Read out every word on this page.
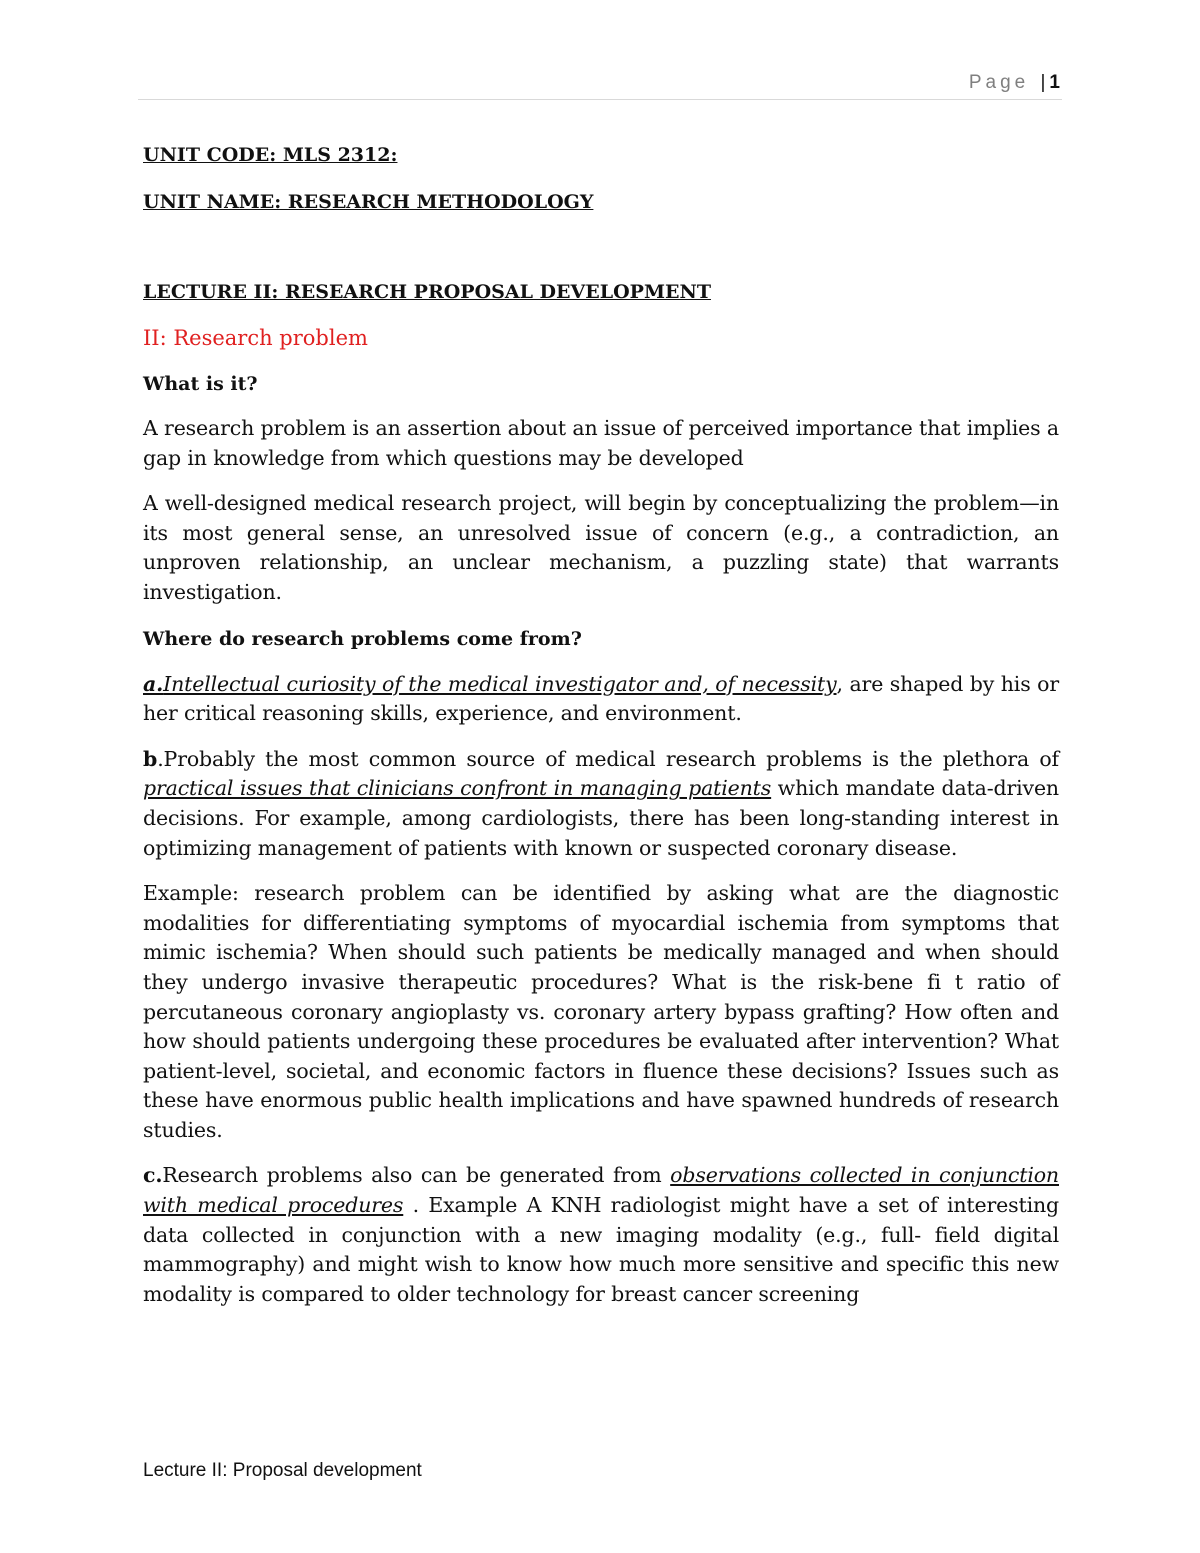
Page | 1

UNIT CODE: MLS 2312:

UNIT NAME: RESEARCH METHODOLOGY

LECTURE II: RESEARCH PROPOSAL DEVELOPMENT

II: Research problem

What is it?

A research problem is an assertion about an issue of perceived importance that implies a gap in knowledge from which questions may be developed

A well-designed medical research project, will begin by conceptualizing the problem—in its most general sense, an unresolved issue of concern (e.g., a contradiction, an unproven relationship, an unclear mechanism, a puzzling state) that warrants investigation.

Where do research problems come from?

a.Intellectual curiosity of the medical investigator and, of necessity, are shaped by his or her critical reasoning skills, experience, and environment.

b.Probably the most common source of medical research problems is the plethora of practical issues that clinicians confront in managing patients which mandate data-driven decisions. For example, among cardiologists, there has been long-standing interest in optimizing management of patients with known or suspected coronary disease.

Example: research problem can be identified by asking what are the diagnostic modalities for differentiating symptoms of myocardial ischemia from symptoms that mimic ischemia? When should such patients be medically managed and when should they undergo invasive therapeutic procedures? What is the risk-bene fi t ratio of percutaneous coronary angioplasty vs. coronary artery bypass grafting? How often and how should patients undergoing these procedures be evaluated after intervention? What patient-level, societal, and economic factors in fluence these decisions? Issues such as these have enormous public health implications and have spawned hundreds of research studies.

c.Research problems also can be generated from observations collected in conjunction with medical procedures . Example A KNH radiologist might have a set of interesting data collected in conjunction with a new imaging modality (e.g., full- field digital mammography) and might wish to know how much more sensitive and specific this new modality is compared to older technology for breast cancer screening

Lecture II: Proposal development
